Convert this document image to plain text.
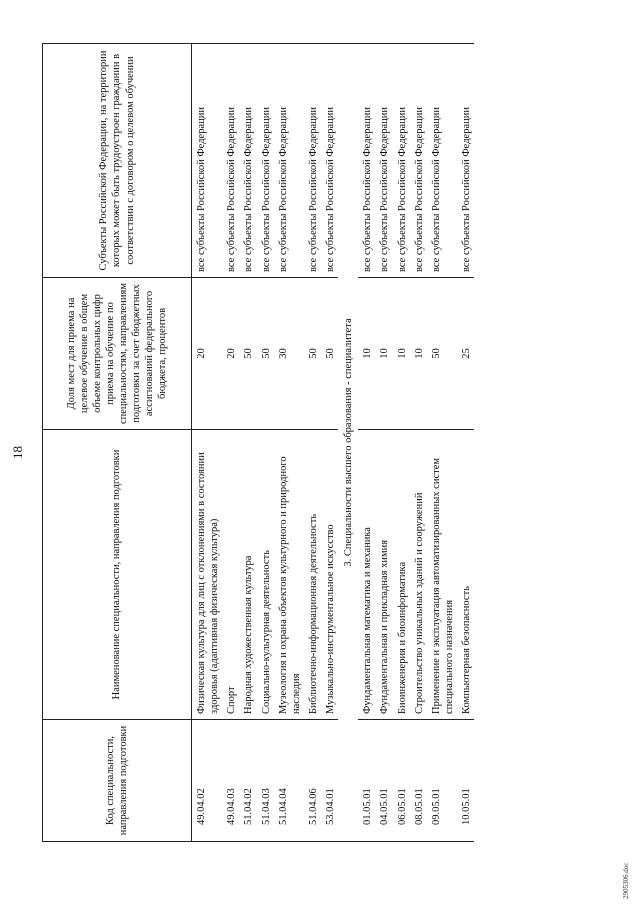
18
Код специальности, направления подготовки
Наименование специальности, направления подготовки
Доля мест для приема на целевое обучение в общем объеме контрольных цифр приема на обучение по специальностям, направлениям подготовки за счет бюджетных ассигнований федерального бюджета, процентов
Субъекты Российской Федерации, на территории которых может быть трудоустроен гражданин в соответствии с договором о целевом обучении
49.04.02
Физическая культура для лиц с отклонениями в состоянии здоровья (адаптивная физическая культура)
20
все субъекты Российской Федерации
49.04.03
Спорт
20
все субъекты Российской Федерации
51.04.02
Народная художественная культура
50
все субъекты Российской Федерации
51.04.03
Социально-культурная деятельность
50
все субъекты Российской Федерации
51.04.04
Музеология и охрана объектов культурного и природного наследия
30
все субъекты Российской Федерации
51.04.06
Библиотечно-информационная деятельность
50
все субъекты Российской Федерации
53.04.01
Музыкально-инструментальное искусство
50
все субъекты Российской Федерации
3. Специальности высшего образования - специалитета
01.05.01
Фундаментальная математика и механика
10
все субъекты Российской Федерации
04.05.01
Фундаментальная и прикладная химия
10
все субъекты Российской Федерации
06.05.01
Биоинженерия и биоинформатика
10
все субъекты Российской Федерации
08.05.01
Строительство уникальных зданий и сооружений
10
все субъекты Российской Федерации
09.05.01
Применение и эксплуатация автоматизированных систем специального назначения
50
все субъекты Российской Федерации
10.05.01
Компьютерная безопасность
25
все субъекты Российской Федерации
2905306.doc
